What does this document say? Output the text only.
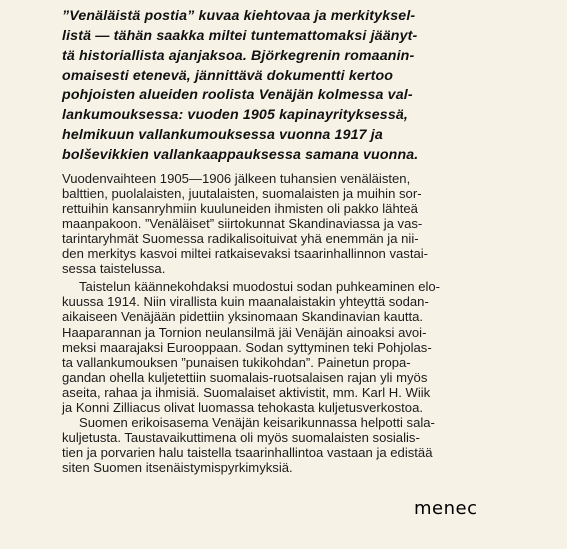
”Venäläistä postia” kuvaa kiehtovaa ja merkityksel-

listä — tähän saakka miltei tuntemattomaksi jäänyt-

tä historiallista ajanjaksoa. Björkegrenin romaanin-

omaisesti etenevä, jännittävä dokumentti kertoo

pohjoisten alueiden roolista Venäjän kolmessa val-

lankumouksessa: vuoden 1905 kapinayrityksessä,

helmikuun vallankumouksessa vuonna 1917 ja

bolševikkien vallankaappauksessa samana vuonna.

Vuodenvaihteen 1905—1906 jälkeen tuhansien venäläisten,

balttien, puolalaisten, juutalaisten, suomalaisten ja muihin sor-

rettuihin kansanryhmiin kuuluneiden ihmisten oli pakko lähteä

maanpakoon. ”Venäläiset” siirtokunnat Skandinaviassa ja vas-

tarintaryhmät Suomessa radikalisoituivat yhä enemmän ja nii-

den merkitys kasvoi miltei ratkaisevaksi tsaarinhallinnon vastai-

sessa taistelussa.

Taistelun käännekohdaksi muodostui sodan puhkeaminen elo-

kuussa 1914. Niin virallista kuin maanalaistakin yhteyttä sodan-

aikaiseen Venäjään pidettiin yksinomaan Skandinavian kautta.

Haaparannan ja Tornion neulansilmä jäi Venäjän ainoaksi avoi-

meksi maarajaksi Eurooppaan. Sodan syttyminen teki Pohjolas-

ta vallankumouksen ”punaisen tukikohdan”. Painetun propa-

gandan ohella kuljetettiin suomalais-ruotsalaisen rajan yli myös

aseita, rahaa ja ihmisiä. Suomalaiset aktivistit, mm. Karl H. Wiik

ja Konni Zilliacus olivat luomassa tehokasta kuljetusverkostoa.

Suomen erikoisasema Venäjän keisarikunnassa helpotti sala-

kuljetusta. Taustavaikuttimena oli myös suomalaisten sosialis-

tien ja porvarien halu taistella tsaarinhallintoa vastaan ja edistää

siten Suomen itsenäistymispyrkimyksiä.

menec
